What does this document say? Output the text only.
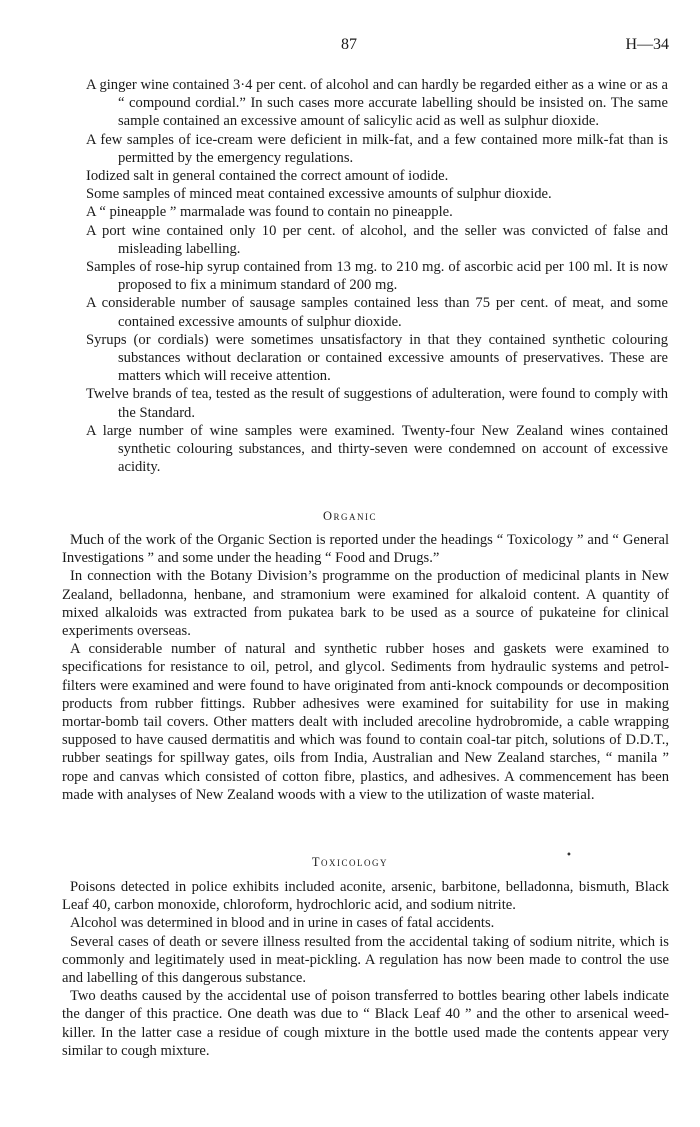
87	H—34

A ginger wine contained 3·4 per cent. of alcohol and can hardly be regarded either as a wine or as a “ compound cordial.” In such cases more accurate labelling should be insisted on. The same sample contained an excessive amount of salicylic acid as well as sulphur dioxide.

A few samples of ice-cream were deficient in milk-fat, and a few contained more milk-fat than is permitted by the emergency regulations.

Iodized salt in general contained the correct amount of iodide.

Some samples of minced meat contained excessive amounts of sulphur dioxide.

A “ pineapple ” marmalade was found to contain no pineapple.

A port wine contained only 10 per cent. of alcohol, and the seller was convicted of false and misleading labelling.

Samples of rose-hip syrup contained from 13 mg. to 210 mg. of ascorbic acid per 100 ml. It is now proposed to fix a minimum standard of 200 mg.

A considerable number of sausage samples contained less than 75 per cent. of meat, and some contained excessive amounts of sulphur dioxide.

Syrups (or cordials) were sometimes unsatisfactory in that they contained synthetic colouring substances without declaration or contained excessive amounts of preservatives. These are matters which will receive attention.

Twelve brands of tea, tested as the result of suggestions of adulteration, were found to comply with the Standard.

A large number of wine samples were examined. Twenty-four New Zealand wines contained synthetic colouring substances, and thirty-seven were condemned on account of excessive acidity.

Organic

Much of the work of the Organic Section is reported under the headings “ Toxicology ” and “ General Investigations ” and some under the heading “ Food and Drugs.”

In connection with the Botany Division’s programme on the production of medicinal plants in New Zealand, belladonna, henbane, and stramonium were examined for alkaloid content. A quantity of mixed alkaloids was extracted from pukatea bark to be used as a source of pukateine for clinical experiments overseas.

A considerable number of natural and synthetic rubber hoses and gaskets were examined to specifications for resistance to oil, petrol, and glycol. Sediments from hydraulic systems and petrol-filters were examined and were found to have originated from anti-knock compounds or decomposition products from rubber fittings. Rubber adhesives were examined for suitability for use in making mortar-bomb tail covers. Other matters dealt with included arecoline hydrobromide, a cable wrapping supposed to have caused dermatitis and which was found to contain coal-tar pitch, solutions of D.D.T., rubber seatings for spillway gates, oils from India, Australian and New Zealand starches, “ manila ” rope and canvas which consisted of cotton fibre, plastics, and adhesives. A commencement has been made with analyses of New Zealand woods with a view to the utilization of waste material.

Toxicology	•

Poisons detected in police exhibits included aconite, arsenic, barbitone, belladonna, bismuth, Black Leaf 40, carbon monoxide, chloroform, hydrochloric acid, and sodium nitrite.

Alcohol was determined in blood and in urine in cases of fatal accidents.

Several cases of death or severe illness resulted from the accidental taking of sodium nitrite, which is commonly and legitimately used in meat-pickling. A regulation has now been made to control the use and labelling of this dangerous substance.

Two deaths caused by the accidental use of poison transferred to bottles bearing other labels indicate the danger of this practice. One death was due to “ Black Leaf 40 ” and the other to arsenical weed-killer. In the latter case a residue of cough mixture in the bottle used made the contents appear very similar to cough mixture.
